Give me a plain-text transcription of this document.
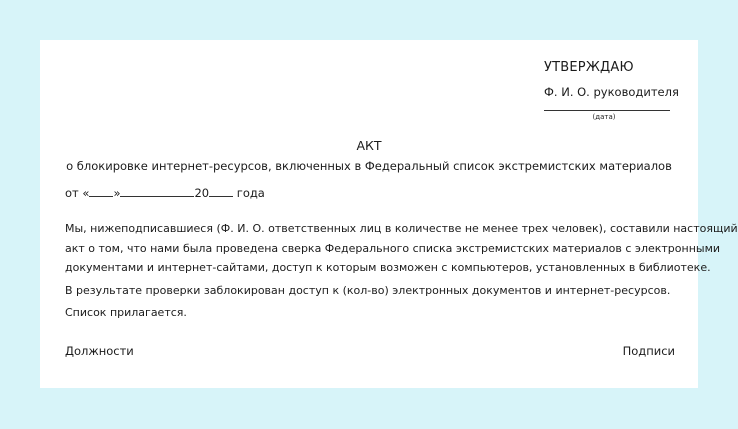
УТВЕРЖДАЮ
Ф. И. О. руководителя
(дата)
АКТ
о блокировке интернет-ресурсов, включенных в Федеральный список экстремистских материалов
от « »	20 года

Мы, нижеподписавшиеся (Ф. И. О. ответственных лиц в количестве не менее трех человек), составили настоящий
акт о том, что нами была проведена сверка Федерального списка экстремистских материалов с электронными
документами и интернет-сайтами, доступ к которым возможен с компьютеров, установленных в библиотеке.

В результате проверки заблокирован доступ к (кол-во) электронных документов и интернет-ресурсов.

Список прилагается.

Должности	Подписи
